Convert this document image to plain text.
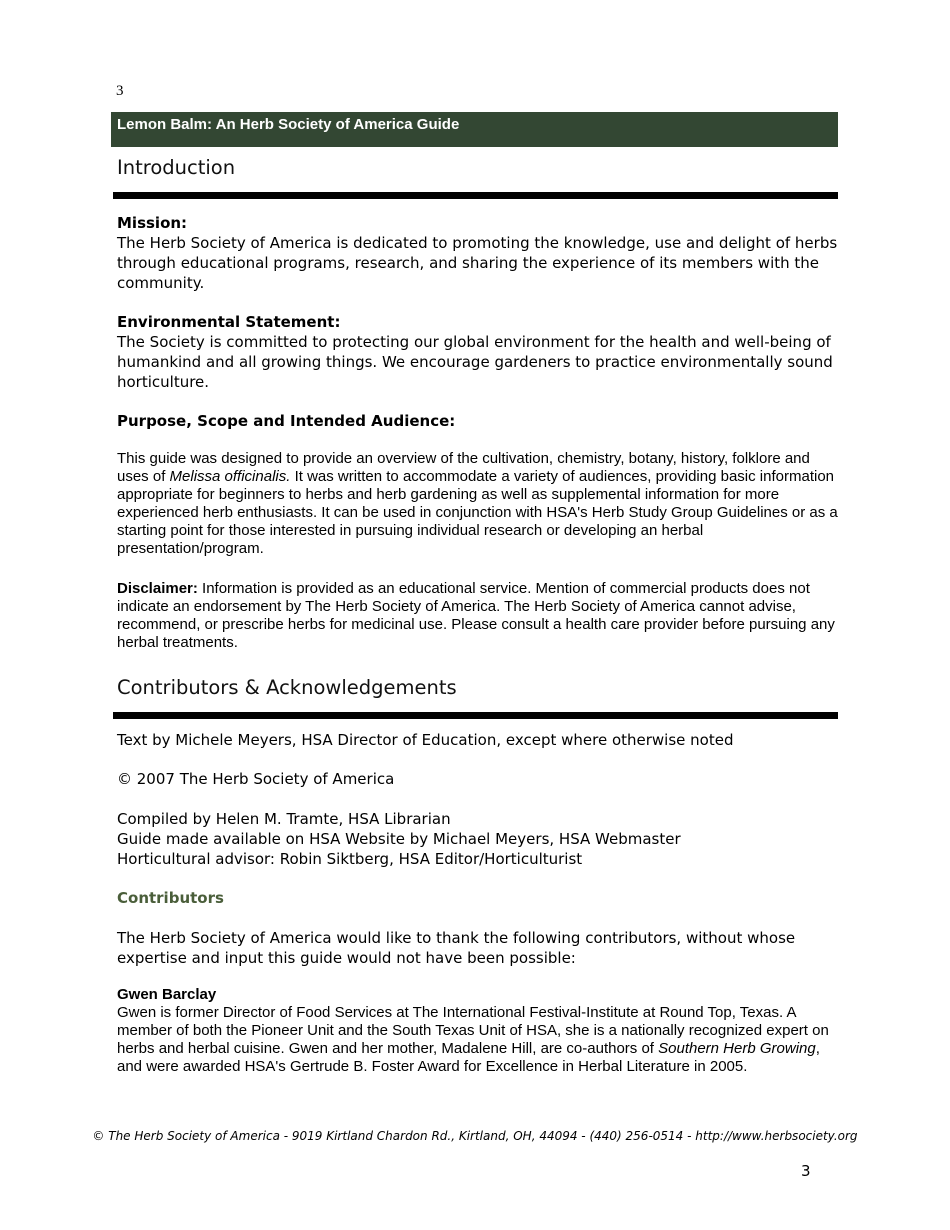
3
Lemon Balm: An Herb Society of America Guide
Introduction

Mission:

The Herb Society of America is dedicated to promoting the knowledge, use and delight of herbs through educational programs, research, and sharing the experience of its members with the community.

Environmental Statement:

The Society is committed to protecting our global environment for the health and well-being of humankind and all growing things. We encourage gardeners to practice environmentally sound horticulture.

Purpose, Scope and Intended Audience:

This guide was designed to provide an overview of the cultivation, chemistry, botany, history, folklore and uses of Melissa officinalis. It was written to accommodate a variety of audiences, providing basic information appropriate for beginners to herbs and herb gardening as well as supplemental information for more experienced herb enthusiasts. It can be used in conjunction with HSA's Herb Study Group Guidelines or as a starting point for those interested in pursuing individual research or developing an herbal presentation/program.

Disclaimer: Information is provided as an educational service. Mention of commercial products does not indicate an endorsement by The Herb Society of America. The Herb Society of America cannot advise, recommend, or prescribe herbs for medicinal use. Please consult a health care provider before pursuing any herbal treatments.

Contributors & Acknowledgements
Text by Michele Meyers, HSA Director of Education, except where otherwise noted
© 2007 The Herb Society of America

Compiled by Helen M. Tramte, HSA Librarian

Guide made available on HSA Website by Michael Meyers, HSA Webmaster

Horticultural advisor: Robin Siktberg, HSA Editor/Horticulturist

Contributors
The Herb Society of America would like to thank the following contributors, without whose expertise and input this guide would not have been possible:

Gwen Barclay

Gwen is former Director of Food Services at The International Festival-Institute at Round Top, Texas. A member of both the Pioneer Unit and the South Texas Unit of HSA, she is a nationally recognized expert on herbs and herbal cuisine. Gwen and her mother, Madalene Hill, are co-authors of Southern Herb Growing, and were awarded HSA's Gertrude B. Foster Award for Excellence in Herbal Literature in 2005.

© The Herb Society of America - 9019 Kirtland Chardon Rd., Kirtland, OH, 44094 - (440) 256-0514 - http://www.herbsociety.org
3
